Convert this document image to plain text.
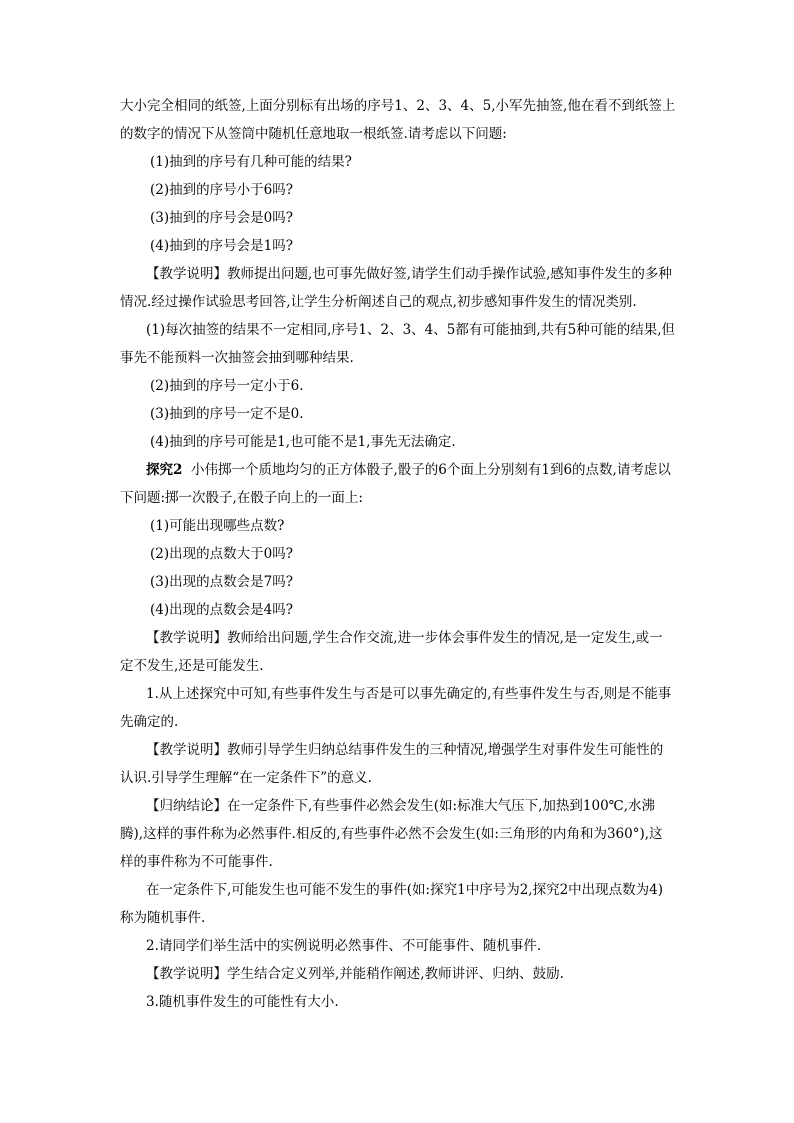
大小完全相同的纸签,上面分别标有出场的序号1、2、3、4、5,小军先抽签,他在看不到纸签上的数字的情况下从签筒中随机任意地取一根纸签.请考虑以下问题:

(1)抽到的序号有几种可能的结果?

(2)抽到的序号小于6吗?

(3)抽到的序号会是0吗?

(4)抽到的序号会是1吗?

【教学说明】教师提出问题,也可事先做好签,请学生们动手操作试验,感知事件发生的多种情况.经过操作试验思考回答,让学生分析阐述自己的观点,初步感知事件发生的情况类别.

(1)每次抽签的结果不一定相同,序号1、2、3、4、5都有可能抽到,共有5种可能的结果,但事先不能预料一次抽签会抽到哪种结果.

(2)抽到的序号一定小于6.

(3)抽到的序号一定不是0.

(4)抽到的序号可能是1,也可能不是1,事先无法确定.

探究2 小伟掷一个质地均匀的正方体骰子,骰子的6个面上分别刻有1到6的点数,请考虑以下问题:掷一次骰子,在骰子向上的一面上:

(1)可能出现哪些点数?

(2)出现的点数大于0吗?

(3)出现的点数会是7吗?

(4)出现的点数会是4吗?

【教学说明】教师给出问题,学生合作交流,进一步体会事件发生的情况,是一定发生,或一定不发生,还是可能发生.

1.从上述探究中可知,有些事件发生与否是可以事先确定的,有些事件发生与否,则是不能事先确定的.

【教学说明】教师引导学生归纳总结事件发生的三种情况,增强学生对事件发生可能性的认识.引导学生理解“在一定条件下”的意义.

【归纳结论】在一定条件下,有些事件必然会发生(如:标准大气压下,加热到100℃,水沸腾),这样的事件称为必然事件.相反的,有些事件必然不会发生(如:三角形的内角和为360°),这样的事件称为不可能事件.

在一定条件下,可能发生也可能不发生的事件(如:探究1中序号为2,探究2中出现点数为4)称为随机事件.

2.请同学们举生活中的实例说明必然事件、不可能事件、随机事件.

【教学说明】学生结合定义列举,并能稍作阐述,教师讲评、归纳、鼓励.

3.随机事件发生的可能性有大小.
